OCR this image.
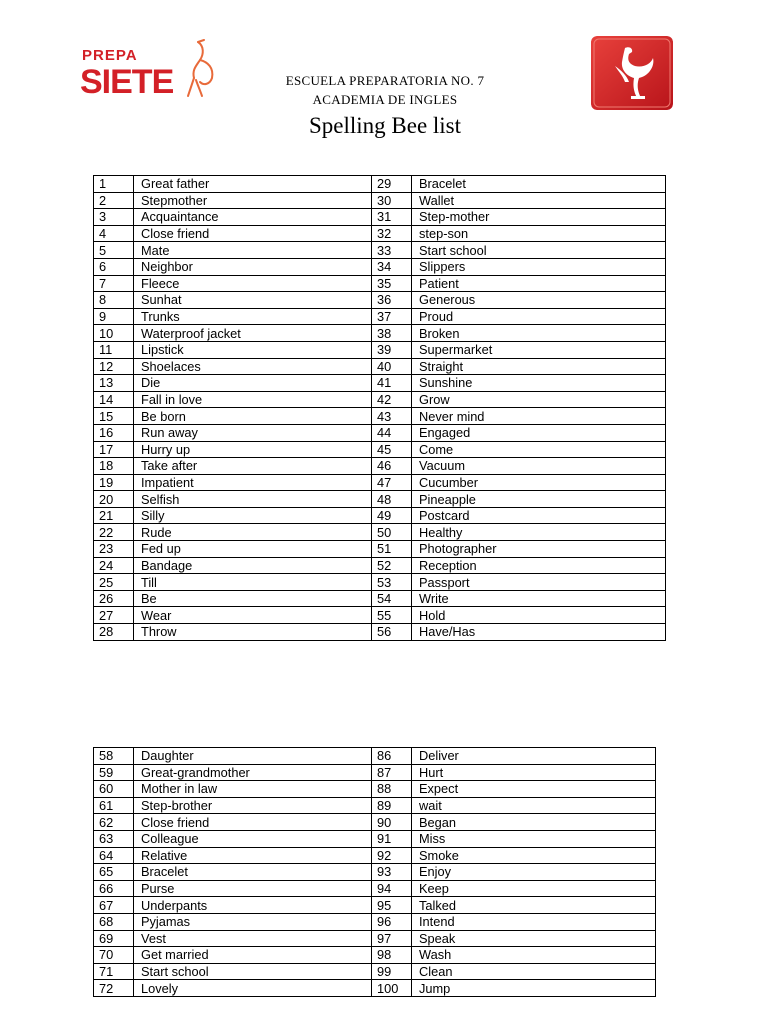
PREPA
SIETE	ESCUELA PREPARATORIA NO. 7
ACADEMIA DE INGLES
Spelling Bee list
1	Great father	29	Bracelet
2	Stepmother	30	Wallet
3	Acquaintance	31	Step-mother
4	Close friend	32	step-son
5	Mate	33	Start school
6	Neighbor	34	Slippers
7	Fleece	35	Patient
8	Sunhat	36	Generous
9	Trunks	37	Proud
10	Waterproof jacket	38	Broken
11	Lipstick	39	Supermarket
12	Shoelaces	40	Straight
13	Die	41	Sunshine
14	Fall in love	42	Grow
15	Be born	43	Never mind
16	Run away	44	Engaged
17	Hurry up	45	Come
18	Take after	46	Vacuum
19	Impatient	47	Cucumber
20	Selfish	48	Pineapple
21	Silly	49	Postcard
22	Rude	50	Healthy
23	Fed up	51	Photographer
24	Bandage	52	Reception
25	Till	53	Passport
26	Be	54	Write
27	Wear	55	Hold
28	Throw	56	Have/Has
58	Daughter	86	Deliver
59	Great-grandmother	87	Hurt
60	Mother in law	88	Expect
61	Step-brother	89	wait
62	Close friend	90	Began
63	Colleague	91	Miss
64	Relative	92	Smoke
65	Bracelet	93	Enjoy
66	Purse	94	Keep
67	Underpants	95	Talked
68	Pyjamas	96	Intend
69	Vest	97	Speak
70	Get married	98	Wash
71	Start school	99	Clean
72	Lovely	100	Jump
